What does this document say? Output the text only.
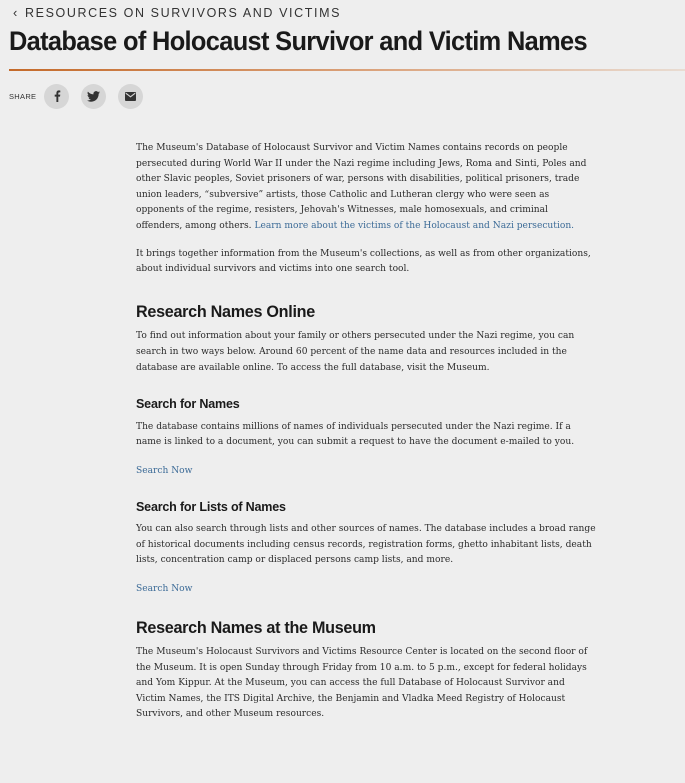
‹ RESOURCES ON SURVIVORS AND VICTIMS
Database of Holocaust Survivor and Victim Names
SHARE

The Museum's Database of Holocaust Survivor and Victim Names contains records on people persecuted during World War II under the Nazi regime including Jews, Roma and Sinti, Poles and other Slavic peoples, Soviet prisoners of war, persons with disabilities, political prisoners, trade union leaders, “subversive” artists, those Catholic and Lutheran clergy who were seen as opponents of the regime, resisters, Jehovah's Witnesses, male homosexuals, and criminal offenders, among others. Learn more about the victims of the Holocaust and Nazi persecution.

It brings together information from the Museum's collections, as well as from other organizations, about individual survivors and victims into one search tool.

Research Names Online

To find out information about your family or others persecuted under the Nazi regime, you can search in two ways below. Around 60 percent of the name data and resources included in the database are available online. To access the full database, visit the Museum.

Search for Names

The database contains millions of names of individuals persecuted under the Nazi regime. If a name is linked to a document, you can submit a request to have the document e-mailed to you.

Search Now

Search for Lists of Names

You can also search through lists and other sources of names. The database includes a broad range of historical documents including census records, registration forms, ghetto inhabitant lists, death lists, concentration camp or displaced persons camp lists, and more.

Search Now

Research Names at the Museum

The Museum's Holocaust Survivors and Victims Resource Center is located on the second floor of the Museum. It is open Sunday through Friday from 10 a.m. to 5 p.m., except for federal holidays and Yom Kippur. At the Museum, you can access the full Database of Holocaust Survivor and Victim Names, the ITS Digital Archive, the Benjamin and Vladka Meed Registry of Holocaust Survivors, and other Museum resources.
